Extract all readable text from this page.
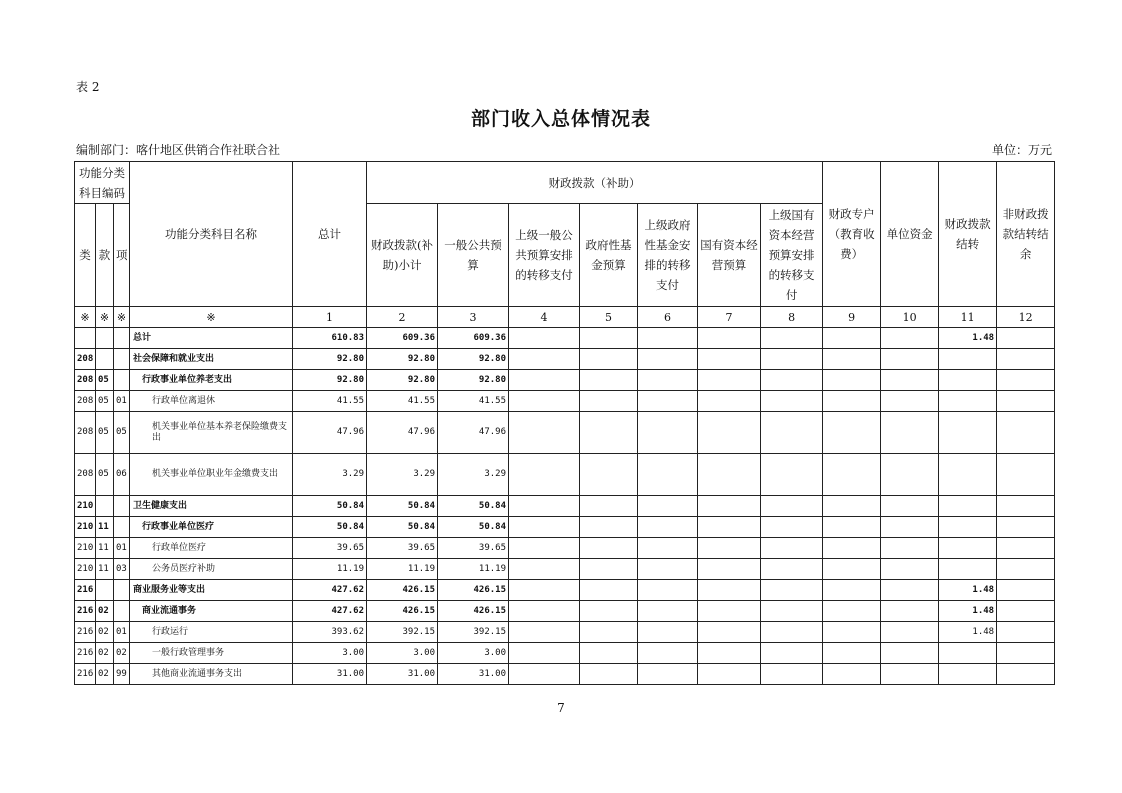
表 2
部门收入总体情况表
编制部门：喀什地区供销合作社联合社	单位：万元
功能分类科目编码			功能分类科目名称	总计	财政拨款（补助）							财政专户（教育收费）	单位资金	财政拨款结转	非财政拨款结转结余
类	款	项			财政拨款(补助)小计	一般公共预算	上级一般公共预算安排的转移支付	政府性基金预算	上级政府性基金安排的转移支付	国有资本经营预算	上级国有资本经营预算安排的转移支付				
※	※	※	※	1	2	3	4	5	6	7	8	9	10	11	12
			总计	610.83	609.36	609.36								1.48	
208			社会保障和就业支出	92.80	92.80	92.80									
208	05		行政事业单位养老支出	92.80	92.80	92.80									
208	05	01	行政单位离退休	41.55	41.55	41.55									
208	05	05	机关事业单位基本养老保险缴费支出	47.96	47.96	47.96									
208	05	06	机关事业单位职业年金缴费支出	3.29	3.29	3.29									
210			卫生健康支出	50.84	50.84	50.84									
210	11		行政事业单位医疗	50.84	50.84	50.84									
210	11	01	行政单位医疗	39.65	39.65	39.65									
210	11	03	公务员医疗补助	11.19	11.19	11.19									
216			商业服务业等支出	427.62	426.15	426.15								1.48	
216	02		商业流通事务	427.62	426.15	426.15								1.48	
216	02	01	行政运行	393.62	392.15	392.15								1.48	
216	02	02	一般行政管理事务	3.00	3.00	3.00									
216	02	99	其他商业流通事务支出	31.00	31.00	31.00									
7
